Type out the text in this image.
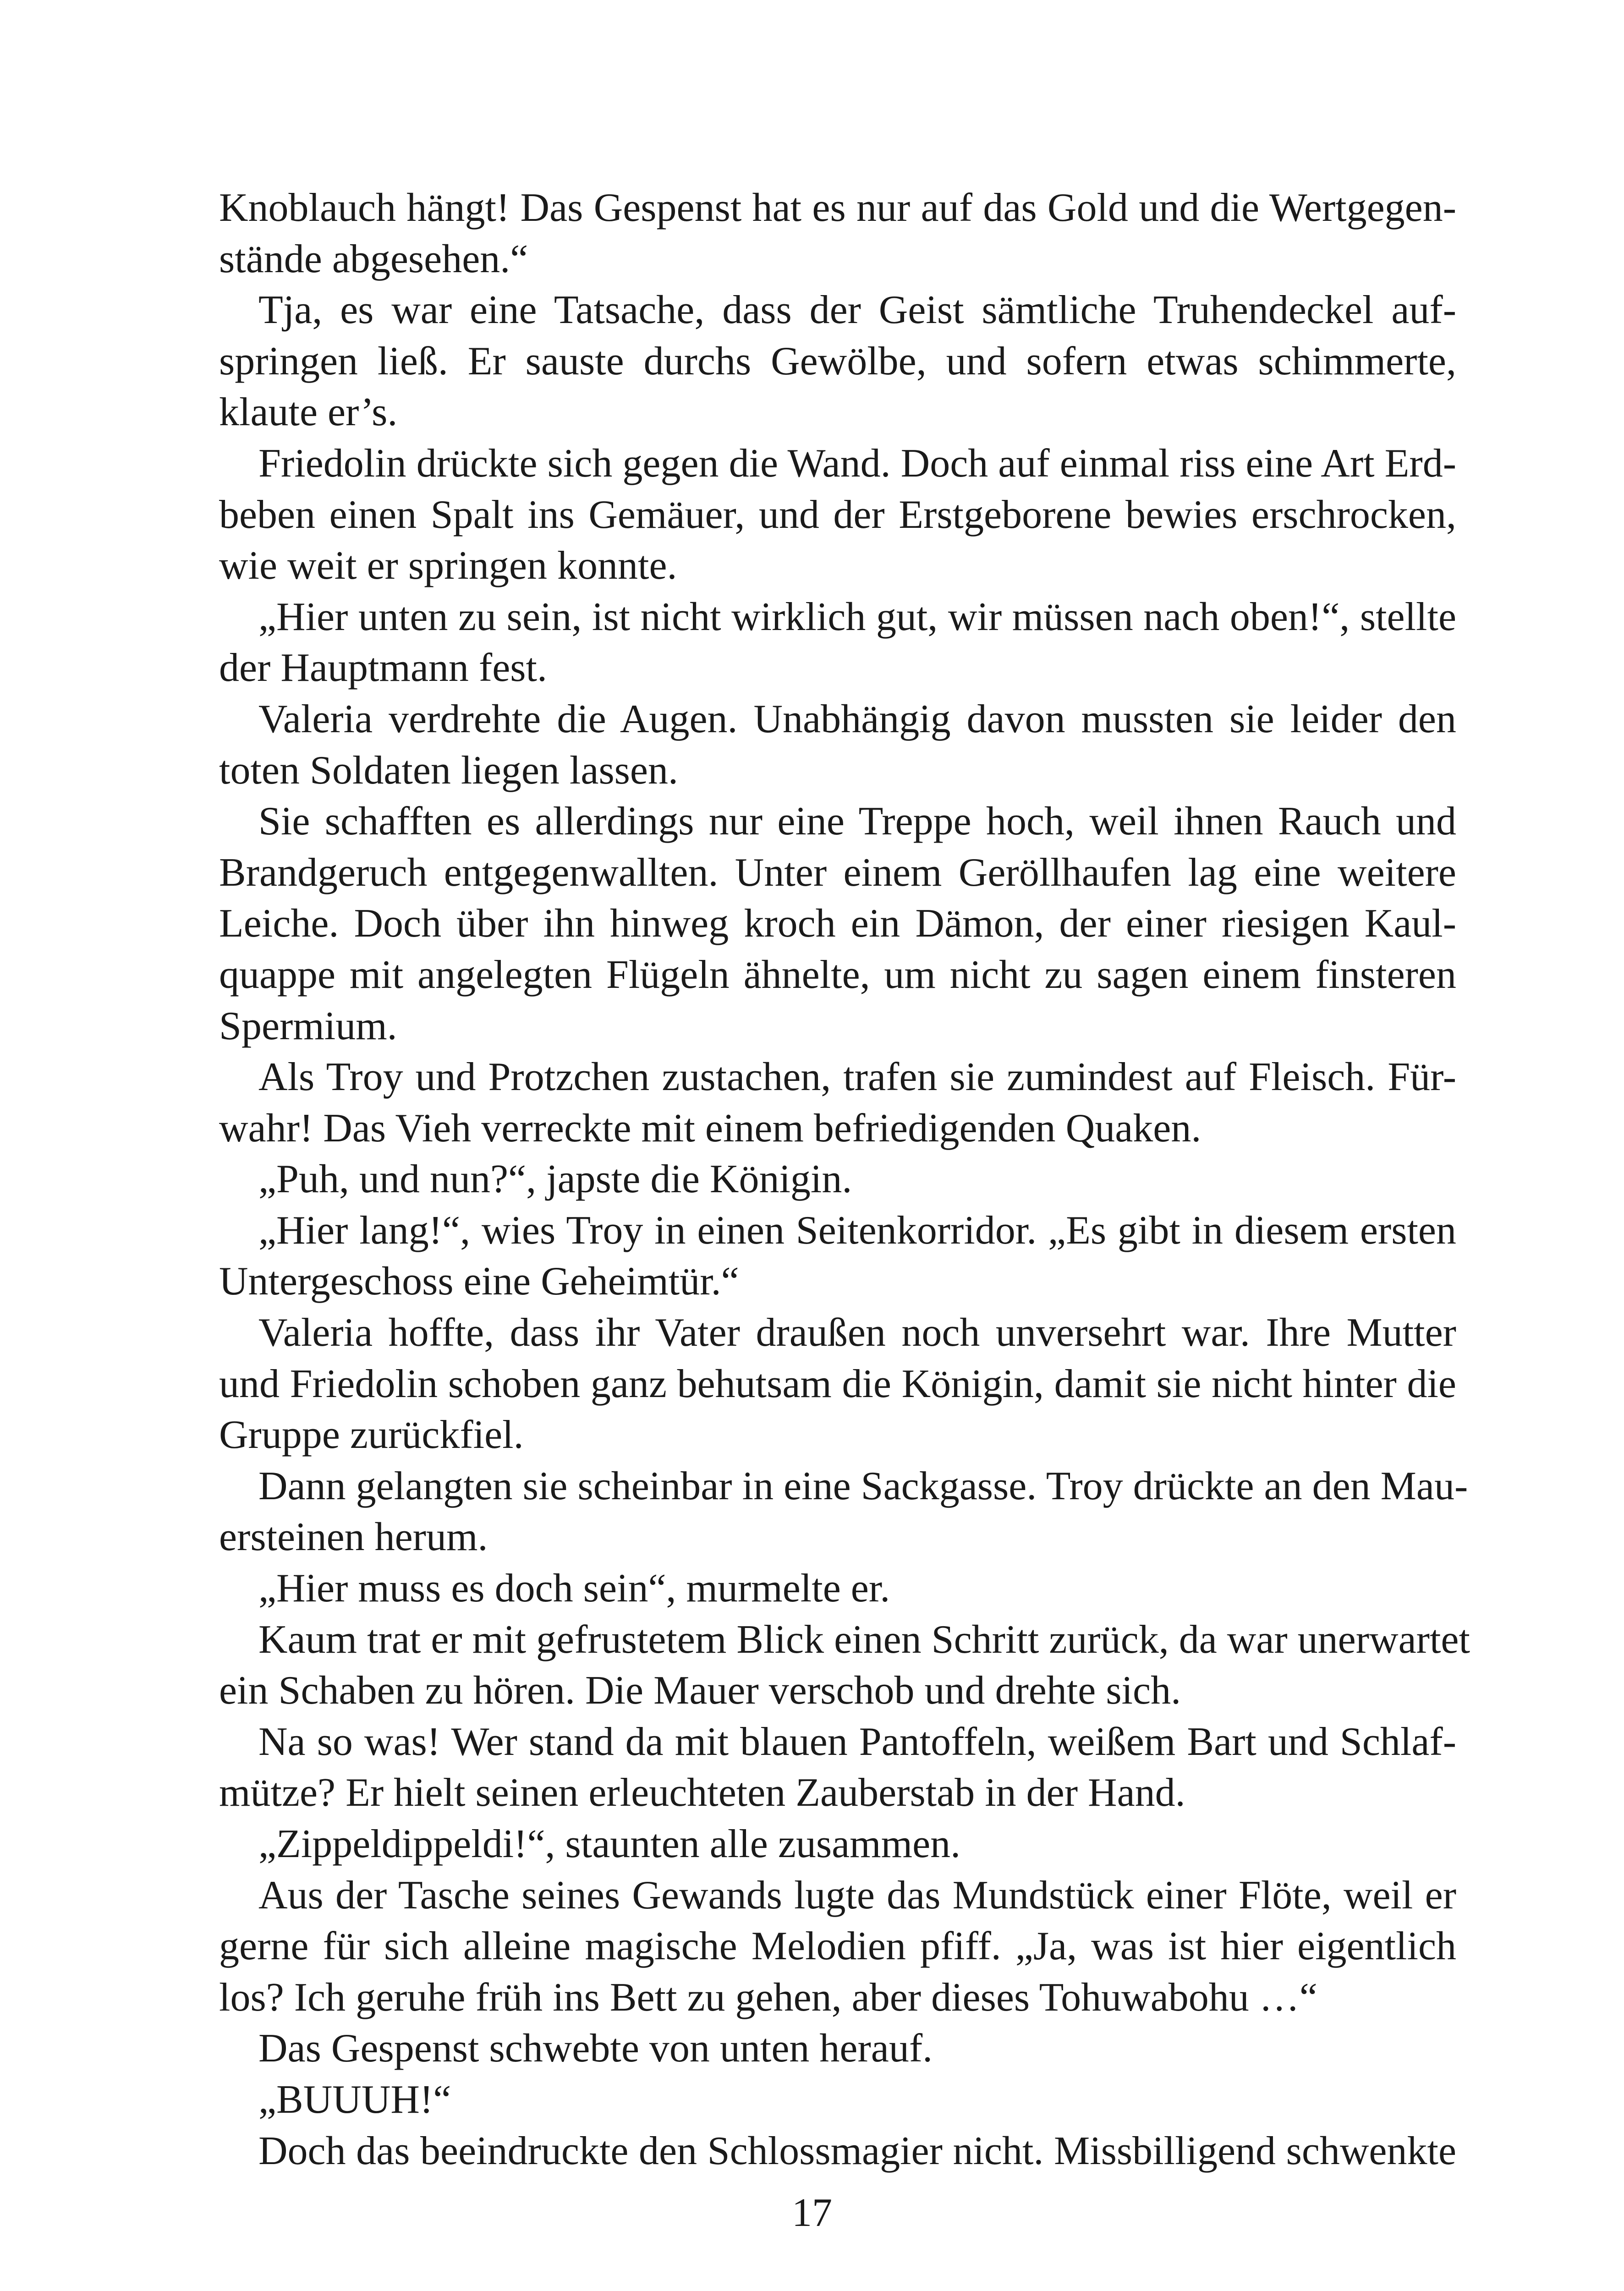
Knoblauch hängt! Das Gespenst hat es nur auf das Gold und die Wertgegen-
stände abgesehen.“
Tja, es war eine Tatsache, dass der Geist sämtliche Truhendeckel auf-
springen ließ. Er sauste durchs Gewölbe, und sofern etwas schimmerte,
klaute er’s.
Friedolin drückte sich gegen die Wand. Doch auf einmal riss eine Art Erd-
beben einen Spalt ins Gemäuer, und der Erstgeborene bewies erschrocken,
wie weit er springen konnte.
„Hier unten zu sein, ist nicht wirklich gut, wir müssen nach oben!“, stellte
der Hauptmann fest.
Valeria verdrehte die Augen. Unabhängig davon mussten sie leider den
toten Soldaten liegen lassen.
Sie schafften es allerdings nur eine Treppe hoch, weil ihnen Rauch und
Brandgeruch entgegenwallten. Unter einem Geröllhaufen lag eine weitere
Leiche. Doch über ihn hinweg kroch ein Dämon, der einer riesigen Kaul-
quappe mit angelegten Flügeln ähnelte, um nicht zu sagen einem finsteren
Spermium.
Als Troy und Protzchen zustachen, trafen sie zumindest auf Fleisch. Für-
wahr! Das Vieh verreckte mit einem befriedigenden Quaken.
„Puh, und nun?“, japste die Königin.
„Hier lang!“, wies Troy in einen Seitenkorridor. „Es gibt in diesem ersten
Untergeschoss eine Geheimtür.“
Valeria hoffte, dass ihr Vater draußen noch unversehrt war. Ihre Mutter
und Friedolin schoben ganz behutsam die Königin, damit sie nicht hinter die
Gruppe zurückfiel.
Dann gelangten sie scheinbar in eine Sackgasse. Troy drückte an den Mau-
ersteinen herum.
„Hier muss es doch sein“, murmelte er.
Kaum trat er mit gefrustetem Blick einen Schritt zurück, da war unerwartet
ein Schaben zu hören. Die Mauer verschob und drehte sich.
Na so was! Wer stand da mit blauen Pantoffeln, weißem Bart und Schlaf-
mütze? Er hielt seinen erleuchteten Zauberstab in der Hand.
„Zippeldippeldi!“, staunten alle zusammen.
Aus der Tasche seines Gewands lugte das Mundstück einer Flöte, weil er
gerne für sich alleine magische Melodien pfiff. „Ja, was ist hier eigentlich
los? Ich geruhe früh ins Bett zu gehen, aber dieses Tohuwabohu …“
Das Gespenst schwebte von unten herauf.
„BUUUH!“
Doch das beeindruckte den Schlossmagier nicht. Missbilligend schwenkte
17
